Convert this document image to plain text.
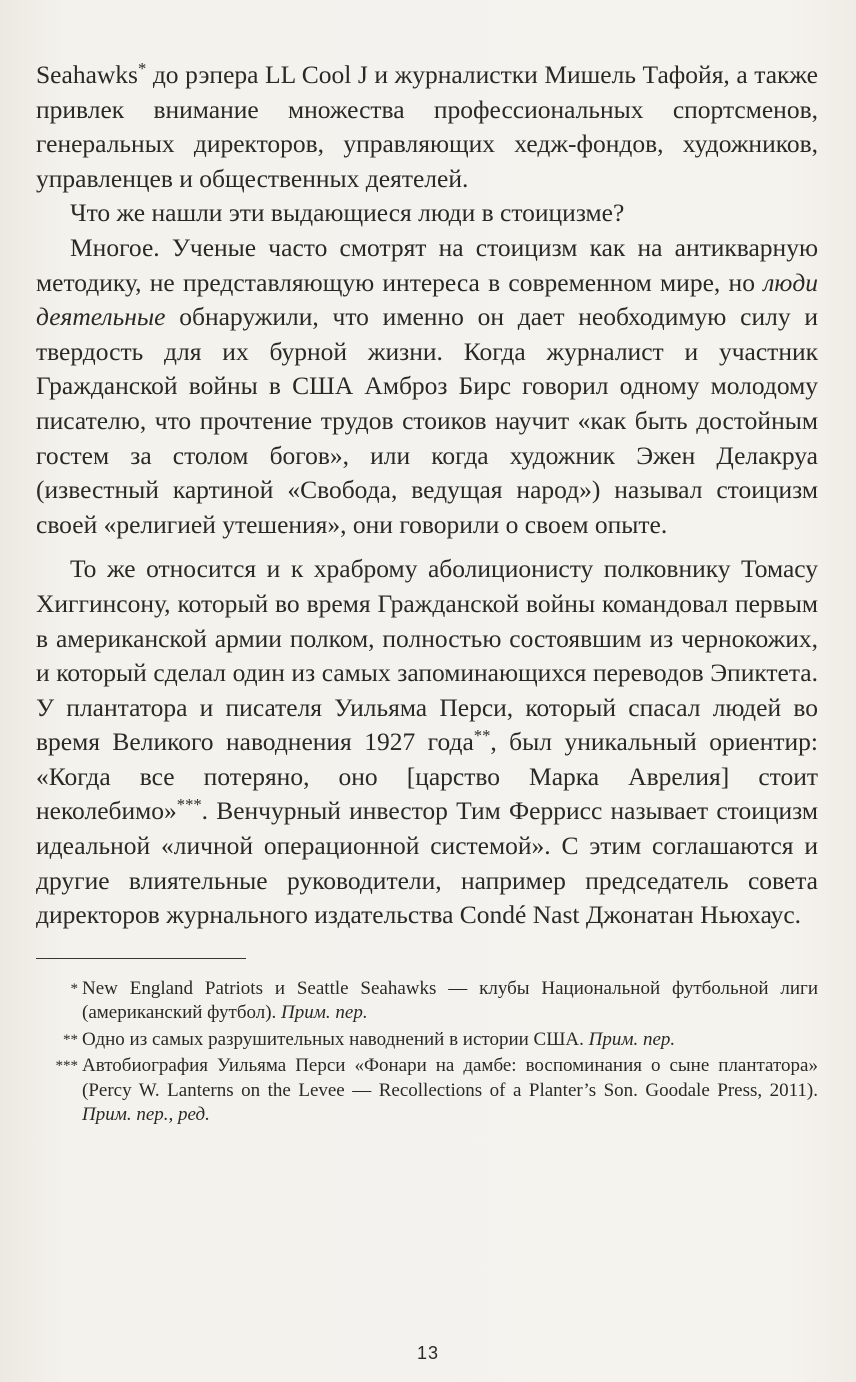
Seahawks* до рэпера LL Cool J и журналистки Мишель Тафойя, а также привлек внимание множества профессиональных спортсменов, генеральных директоров, управляющих хедж-фондов, художников, управленцев и общественных деятелей.

Что же нашли эти выдающиеся люди в стоицизме?

Многое. Ученые часто смотрят на стоицизм как на антикварную методику, не представляющую интереса в современном мире, но люди деятельные обнаружили, что именно он дает необходимую силу и твердость для их бурной жизни. Когда журналист и участник Гражданской войны в США Амброз Бирс говорил одному молодому писателю, что прочтение трудов стоиков научит «как быть достойным гостем за столом богов», или когда художник Эжен Делакруа (известный картиной «Свобода, ведущая народ») называл стоицизм своей «религией утешения», они говорили о своем опыте.

То же относится и к храброму аболиционисту полковнику Томасу Хиггинсону, который во время Гражданской войны командовал первым в американской армии полком, полностью состоявшим из чернокожих, и который сделал один из самых запоминающихся переводов Эпиктета. У плантатора и писателя Уильяма Перси, который спасал людей во время Великого наводнения 1927 года**, был уникальный ориентир: «Когда все потеряно, оно [царство Марка Аврелия] стоит неколебимо»***. Венчурный инвестор Тим Феррисс называет стоицизм идеальной «личной операционной системой». С этим соглашаются и другие влиятельные руководители, например председатель совета директоров журнального издательства Condé Nast Джонатан Ньюхаус.

* New England Patriots и Seattle Seahawks — клубы Национальной футбольной лиги (американский футбол). Прим. пер.

** Одно из самых разрушительных наводнений в истории США. Прим. пер.

*** Автобиография Уильяма Перси «Фонари на дамбе: воспоминания о сыне плантатора» (Percy W. Lanterns on the Levee — Recollections of a Planter’s Son. Goodale Press, 2011). Прим. пер., ред.

13
